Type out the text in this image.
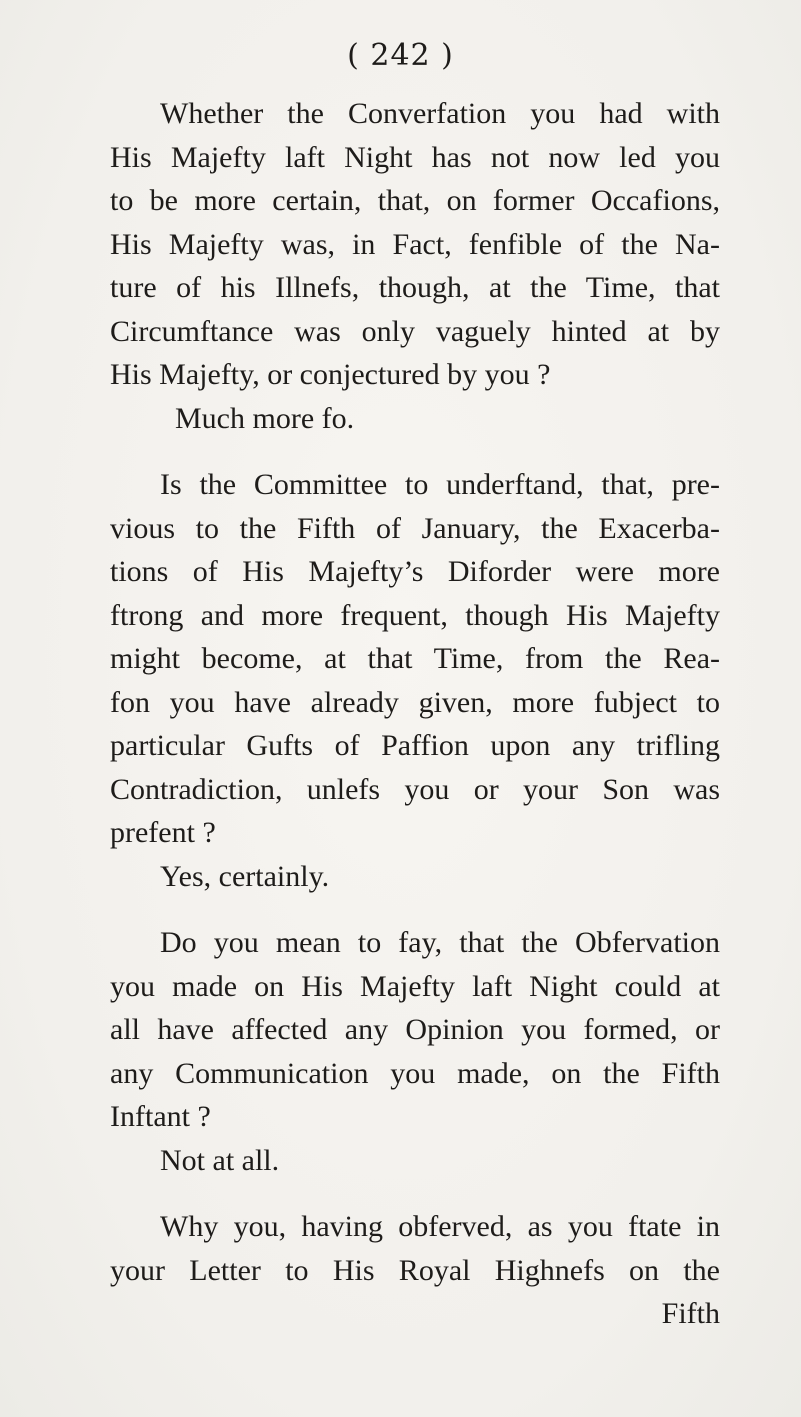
( 242 )
Whether the Converfation you had with
His Majefty laft Night has not now led you
to be more certain, that, on former Occafions,
His Majefty was, in Fact, fenfible of the Na-
ture of his Illnefs, though, at the Time, that
Circumftance was only vaguely hinted at by
His Majefty, or conjectured by you ?
Much more fo.
Is the Committee to underftand, that, pre-
vious to the Fifth of January, the Exacerba-
tions of His Majefty’s Diforder were more
ftrong and more frequent, though His Majefty
might become, at that Time, from the Rea-
fon you have already given, more fubject to
particular Gufts of Paffion upon any trifling
Contradiction, unlefs you or your Son was
prefent ?
Yes, certainly.
Do you mean to fay, that the Obfervation
you made on His Majefty laft Night could at
all have affected any Opinion you formed, or
any Communication you made, on the Fifth
Inftant ?
Not at all.
Why you, having obferved, as you ftate in
your Letter to His Royal Highnefs on the
Fifth
